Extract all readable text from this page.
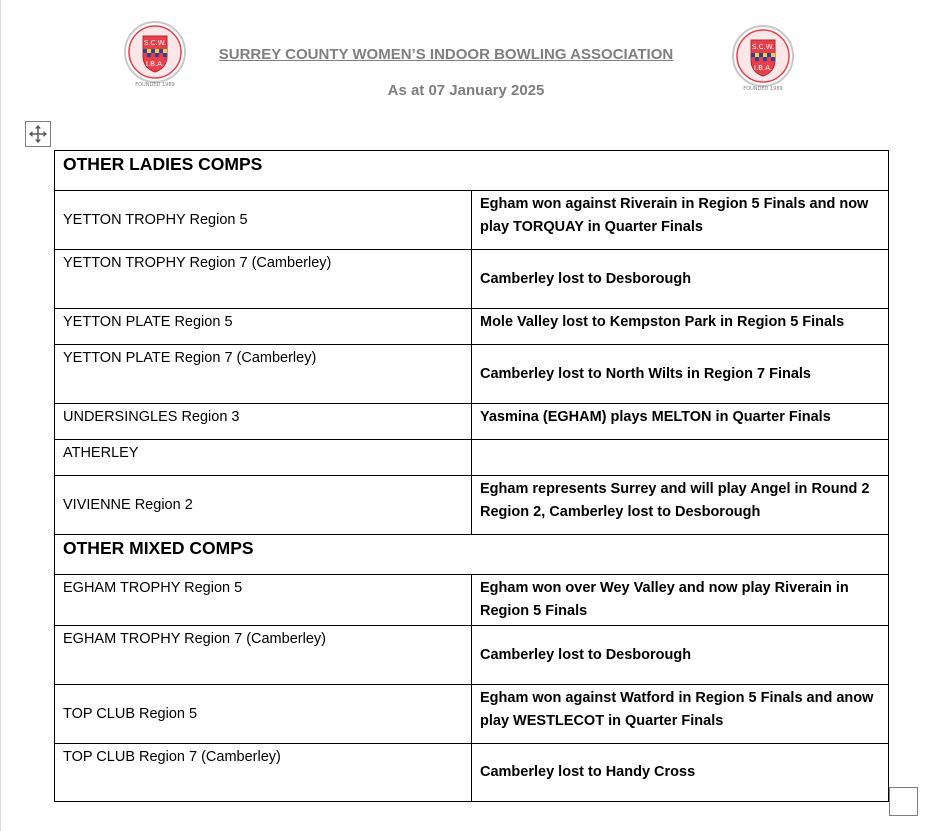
S.C.W.
I.B.A.
FOUNDED 1989
S.C.W.
I.B.A.
FOUNDED 1989
SURREY COUNTY WOMEN’S INDOOR BOWLING ASSOCIATION
As at 07 January 2025
OTHER LADIES COMPS	
YETTON TROPHY Region 5	Egham won against Riverain in Region 5 Finals and now play TORQUAY in Quarter Finals
YETTON TROPHY Region 7 (Camberley)	Camberley lost to Desborough
YETTON PLATE Region 5	Mole Valley lost to Kempston Park in Region 5 Finals
YETTON PLATE Region 7 (Camberley)	Camberley lost to North Wilts in Region 7 Finals
UNDERSINGLES Region 3	Yasmina (EGHAM) plays MELTON in Quarter Finals
ATHERLEY	
VIVIENNE Region 2	Egham represents Surrey and will play Angel in Round 2 Region 2, Camberley lost to Desborough
OTHER MIXED COMPS	
EGHAM TROPHY Region 5	Egham won over Wey Valley and now play Riverain in Region 5 Finals
EGHAM TROPHY Region 7 (Camberley)	Camberley lost to Desborough
TOP CLUB Region 5	Egham won against Watford in Region 5 Finals and anow play WESTLECOT in Quarter Finals
TOP CLUB Region 7 (Camberley)	Camberley lost to Handy Cross
